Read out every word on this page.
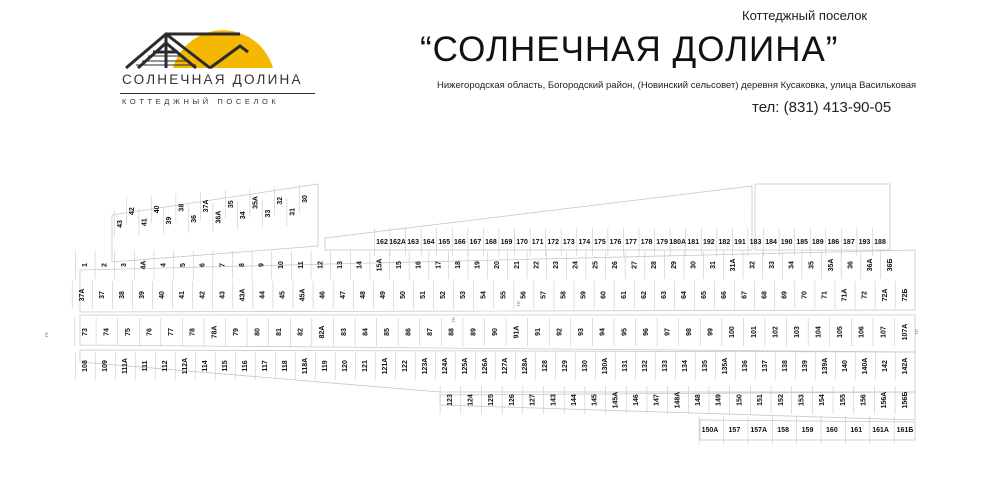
СОЛНЕЧНАЯ ДОЛИНА
КОТТЕДЖНЫЙ ПОСЕЛОК
Коттеджный поселок
“СОЛНЕЧНАЯ ДОЛИНА”
Нижегородская область, Богородский район, (Новинский сельсовет) деревня Кусаковка, улица Васильковая
тел: (831) 413-90-05
43
42
41
40
39
38
36
37А
36А
35
34
35А
33
32
31
30
162 162А 163 164 165 166 167 168 169 170 171 172 173 174 175 176 177 178 179 180А 181 192 182 191 183 184 190 185 189 186 187 193 188
1 2 3 4А 4 5 6 7 8 9 10 11 12 13 14 15А 15 16 17 18 19 20 21 22 23 24 25 26 27 28 29 30 31 31А 32 33 34 35 35А 36 36А 36Б
37А 37 38 39 40 41 42 43 43А 44 45 45А 46 47 48 49 50 51 52 53 54 55 56 57 58 59 60 61 62 63 64 65 66 67 68 69 70 71 71А 72 72А 72Б
73 74 75 76 77 78 78А 79 80 81 82 82А 83 84 85 86 87 88 89 90 91А 91 92 93 94 95 96 97 98 99 100 101 102 103 104 105 106 107 107А
108 109 111А 111 112 112А 114 115 116 117 118 118А 119 120 121 121А 122 123А 124А 125А 126А 127А 128А 128 129 130 130А 131 132 133 134 135 135А 136 137 138 139 139А 140 140А 142 142А
123 124 125 126 127 143 144 145 145А 146 147 148А 148 149 150 151 152 153 154 155 156 156А 156Б
150А 157 157А 158 159 160 161 161А 161Б
ТП
ТП
ТП
ТП
